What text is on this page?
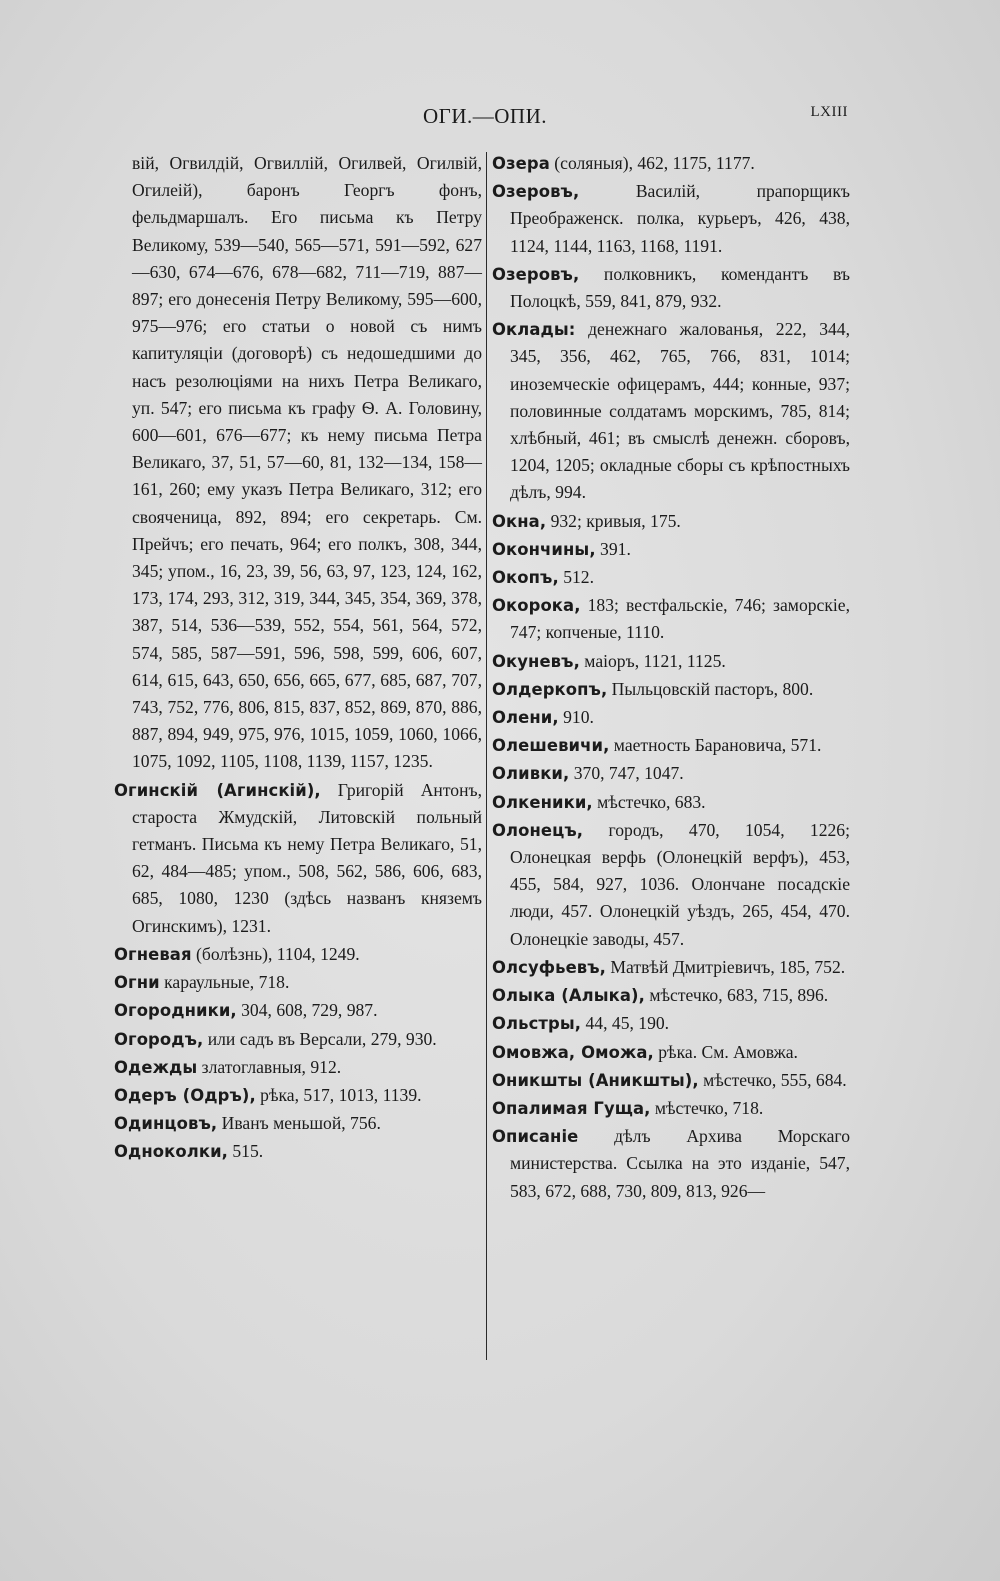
ОГИ.—ОПИ.	LXIII

вій, Огвилдій, Огвиллій, Огилвей, Огилвій, Огилеій), баронъ Георгъ фонъ, фельдмаршалъ. Его письма къ Петру Великому, 539—540, 565—571, 591—592, 627—630, 674—676, 678—682, 711—719, 887—897; его донесенія Петру Великому, 595—600, 975—976; его статьи о новой съ нимъ капитуляціи (договорѣ) съ недошедшими до насъ резолюціями на нихъ Петра Великаго, уп. 547; его письма къ графу Ѳ. А. Головину, 600—601, 676—677; къ нему письма Петра Великаго, 37, 51, 57—60, 81, 132—134, 158—161, 260; ему указъ Петра Великаго, 312; его свояченица, 892, 894; его секретарь. См. Прейчъ; его печать, 964; его полкъ, 308, 344, 345; упом., 16, 23, 39, 56, 63, 97, 123, 124, 162, 173, 174, 293, 312, 319, 344, 345, 354, 369, 378, 387, 514, 536—539, 552, 554, 561, 564, 572, 574, 585, 587—591, 596, 598, 599, 606, 607, 614, 615, 643, 650, 656, 665, 677, 685, 687, 707, 743, 752, 776, 806, 815, 837, 852, 869, 870, 886, 887, 894, 949, 975, 976, 1015, 1059, 1060, 1066, 1075, 1092, 1105, 1108, 1139, 1157, 1235.

Огинскій (Агинскій), Григорій Антонъ, староста Жмудскій, Литовскій польный гетманъ. Письма къ нему Петра Великаго, 51, 62, 484—485; упом., 508, 562, 586, 606, 683, 685, 1080, 1230 (здѣсь названъ княземъ Огинскимъ), 1231.

Огневая (болѣзнь), 1104, 1249.

Огни караульные, 718.

Огородники, 304, 608, 729, 987.

Огородъ, или садъ въ Версали, 279, 930.

Одежды златоглавныя, 912.

Одеръ (Одръ), рѣка, 517, 1013, 1139.

Одинцовъ, Иванъ меньшой, 756.

Одноколки, 515.

Озера (соляныя), 462, 1175, 1177.

Озеровъ, Василій, прапорщикъ Преображенск. полка, курьеръ, 426, 438, 1124, 1144, 1163, 1168, 1191.

Озеровъ, полковникъ, комендантъ въ Полоцкѣ, 559, 841, 879, 932.

Оклады: денежнаго жалованья, 222, 344, 345, 356, 462, 765, 766, 831, 1014; иноземческіе офицерамъ, 444; конные, 937; половинные солдатамъ морскимъ, 785, 814; хлѣбный, 461; въ смыслѣ денежн. сборовъ, 1204, 1205; окладные сборы съ крѣпостныхъ дѣлъ, 994.

Окна, 932; кривыя, 175.

Окончины, 391.

Окопъ, 512.

Окорока, 183; вестфальскіе, 746; заморскіе, 747; копченые, 1110.

Окуневъ, маіоръ, 1121, 1125.

Олдеркопъ, Пыльцовскій пасторъ, 800.

Олени, 910.

Олешевичи, маетность Барановича, 571.

Оливки, 370, 747, 1047.

Олкеники, мѣстечко, 683.

Олонецъ, городъ, 470, 1054, 1226; Олонецкая верфь (Олонецкій верфъ), 453, 455, 584, 927, 1036. Олончане посадскіе люди, 457. Олонецкій уѣздъ, 265, 454, 470. Олонецкіе заводы, 457.

Олсуфьевъ, Матвѣй Дмитріевичъ, 185, 752.

Олыка (Алыка), мѣстечко, 683, 715, 896.

Ольстры, 44, 45, 190.

Омовжа, Оможа, рѣка. См. Амовжа.

Оникшты (Аникшты), мѣстечко, 555, 684.

Опалимая Гуща, мѣстечко, 718.

Описаніе дѣлъ Архива Морскаго министерства. Ссылка на это изданіе, 547, 583, 672, 688, 730, 809, 813, 926—
